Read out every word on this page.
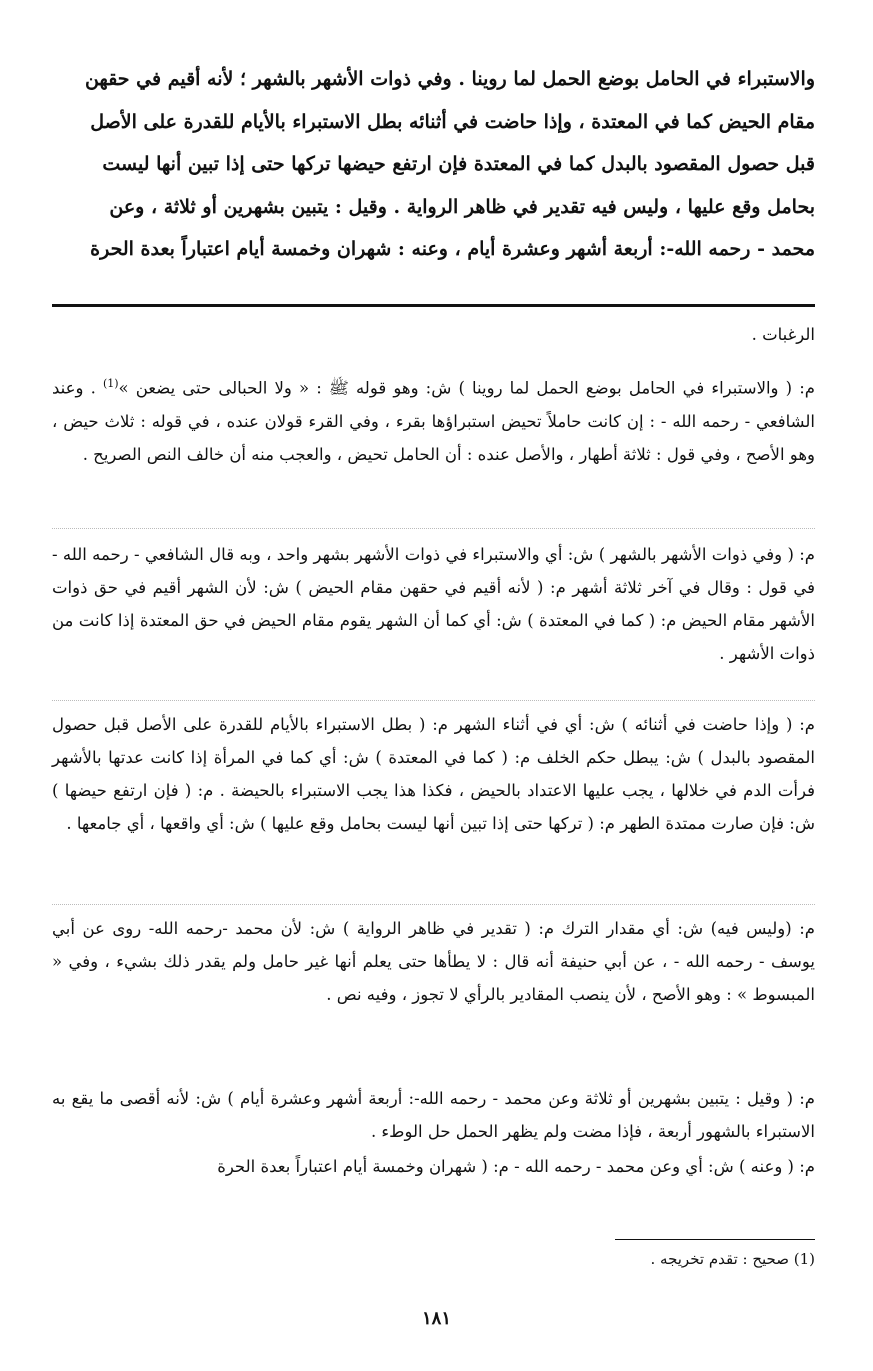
والاستبراء في الحامل بوضع الحمل لما روينا . وفي ذوات الأشهر بالشهر ؛ لأنه أقيم في حقهن

مقام الحيض كما في المعتدة ، وإذا حاضت في أثنائه بطل الاستبراء بالأيام للقدرة على الأصل

قبل حصول المقصود بالبدل كما في المعتدة فإن ارتفع حيضها تركها حتى إذا تبين أنها ليست

بحامل وقع عليها ، وليس فيه تقدير في ظاهر الرواية . وقيل : يتبين بشهرين أو ثلاثة ، وعن

محمد - رحمه الله-: أربعة أشهر وعشرة أيام ، وعنه : شهران وخمسة أيام اعتباراً بعدة الحرة

الرغبات .

م: ( والاستبراء في الحامل بوضع الحمل لما روينا ) ش: وهو قوله ﷺ : « ولا الحبالى حتى يضعن »$^{(1)}$ . وعند الشافعي - رحمه الله - : إن كانت حاملاً تحيض استبراؤها بقرء ، وفي القرء قولان عنده ، في قوله : ثلاث حيض ، وهو الأصح ، وفي قول : ثلاثة أطهار ، والأصل عنده : أن الحامل تحيض ، والعجب منه أن خالف النص الصريح .

م: ( وفي ذوات الأشهر بالشهر ) ش: أي والاستبراء في ذوات الأشهر بشهر واحد ، وبه قال الشافعي - رحمه الله - في قول : وقال في آخر ثلاثة أشهر م: ( لأنه أقيم في حقهن مقام الحيض ) ش: لأن الشهر أقيم في حق ذوات الأشهر مقام الحيض م: ( كما في المعتدة ) ش: أي كما أن الشهر يقوم مقام الحيض في حق المعتدة إذا كانت من ذوات الأشهر .

م: ( وإذا حاضت في أثنائه ) ش: أي في أثناء الشهر م: ( بطل الاستبراء بالأيام للقدرة على الأصل قبل حصول المقصود بالبدل ) ش: يبطل حكم الخلف م: ( كما في المعتدة ) ش: أي كما في المرأة إذا كانت عدتها بالأشهر فرأت الدم في خلالها ، يجب عليها الاعتداد بالحيض ، فكذا هذا يجب الاستبراء بالحيضة . م: ( فإن ارتفع حيضها ) ش: فإن صارت ممتدة الطهر م: ( تركها حتى إذا تبين أنها ليست بحامل وقع عليها ) ش: أي واقعها ، أي جامعها .

م: (وليس فيه) ش: أي مقدار الترك م: ( تقدير في ظاهر الرواية ) ش: لأن محمد -رحمه الله- روى عن أبي يوسف - رحمه الله - ، عن أبي حنيفة أنه قال : لا يطأها حتى يعلم أنها غير حامل ولم يقدر ذلك بشيء ، وفي « المبسوط » : وهو الأصح ، لأن ينصب المقادير بالرأي لا تجوز ، وفيه نص .

م: ( وقيل : يتبين بشهرين أو ثلاثة وعن محمد - رحمه الله-: أربعة أشهر وعشرة أيام ) ش: لأنه أقصى ما يقع به الاستبراء بالشهور أربعة ، فإذا مضت ولم يظهر الحمل حل الوطء .

م: ( وعنه ) ش: أي وعن محمد - رحمه الله - م: ( شهران وخمسة أيام اعتباراً بعدة الحرة

(1) صحيح : تقدم تخريجه .

١٨١
